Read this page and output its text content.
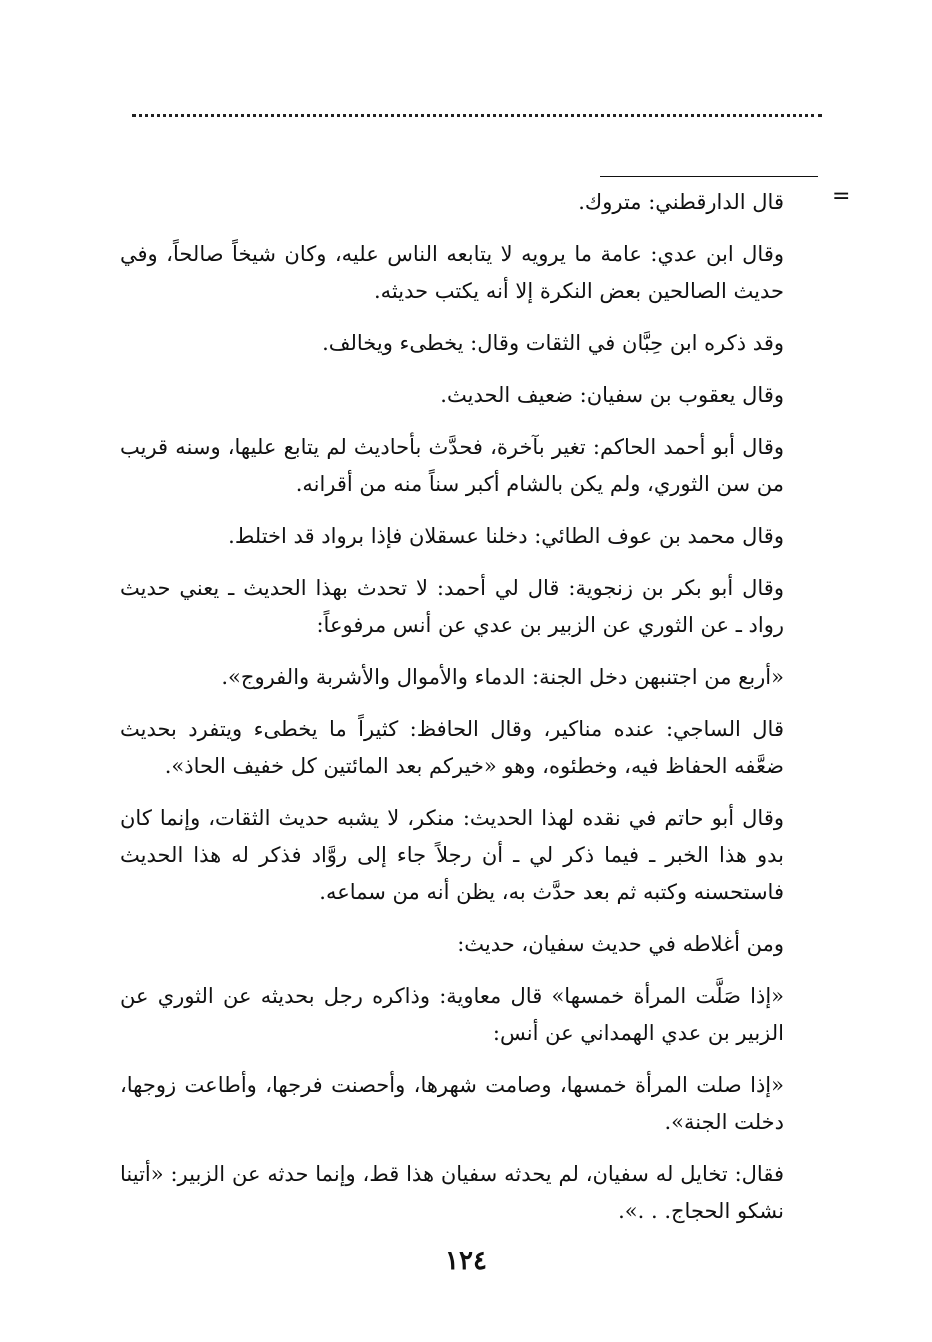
=

قال الدارقطني: متروك.

وقال ابن عدي: عامة ما يرويه لا يتابعه الناس عليه، وكان شيخاً صالحاً، وفي حديث الصالحين بعض النكرة إلا أنه يكتب حديثه.

وقد ذكره ابن حِبَّان في الثقات وقال: يخطىء ويخالف.

وقال يعقوب بن سفيان: ضعيف الحديث.

وقال أبو أحمد الحاكم: تغير بآخرة، فحدَّث بأحاديث لم يتابع عليها، وسنه قريب من سن الثوري، ولم يكن بالشام أكبر سناً منه من أقرانه.

وقال محمد بن عوف الطائي: دخلنا عسقلان فإذا برواد قد اختلط.

وقال أبو بكر بن زنجوية: قال لي أحمد: لا تحدث بهذا الحديث ـ يعني حديث رواد ـ عن الثوري عن الزبير بن عدي عن أنس مرفوعاً:

«أربع من اجتنبهن دخل الجنة: الدماء والأموال والأشربة والفروج».

قال الساجي: عنده مناكير، وقال الحافظ: كثيراً ما يخطىء ويتفرد بحديث ضعَّفه الحفاظ فيه، وخطئوه، وهو «خيركم بعد المائتين كل خفيف الحاذ».

وقال أبو حاتم في نقده لهذا الحديث: منكر، لا يشبه حديث الثقات، وإنما كان بدو هذا الخبر ـ فيما ذكر لي ـ أن رجلاً جاء إلى روَّاد فذكر له هذا الحديث فاستحسنه وكتبه ثم بعد حدَّث به، يظن أنه من سماعه.

ومن أغلاطه في حديث سفيان، حديث:

«إذا صَلَّت المرأة خمسها» قال معاوية: وذاكره رجل بحديثه عن الثوري عن الزبير بن عدي الهمداني عن أنس:

«إذا صلت المرأة خمسها، وصامت شهرها، وأحصنت فرجها، وأطاعت زوجها، دخلت الجنة».

فقال: تخايل له سفيان، لم يحدثه سفيان هذا قط، وإنما حدثه عن الزبير: «أتينا نشكو الحجاج. . .».

١٢٤
